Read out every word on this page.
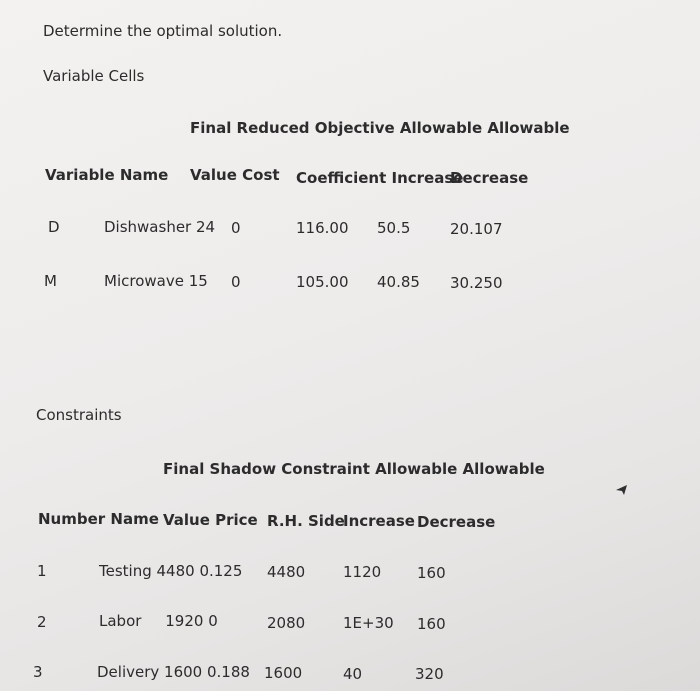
Determine the optimal solution.
Variable Cells
Final Reduced Objective Allowable Allowable
Variable Name Value Cost Coefficient Increase
Decrease
D	Dishwasher 24 0	116.00 50.5	20.107
M	Microwave 15 0	105.00 40.85 30.250
Constraints
Final Shadow Constraint Allowable Allowable
Number Name Value Price R.H. Side
Increase Decrease
1	Testing 4480 0.125 4480	1120 160
2	Labor     1920 0	2080	1E+30 160
3	Delivery 1600 0.188 1600	40	320
